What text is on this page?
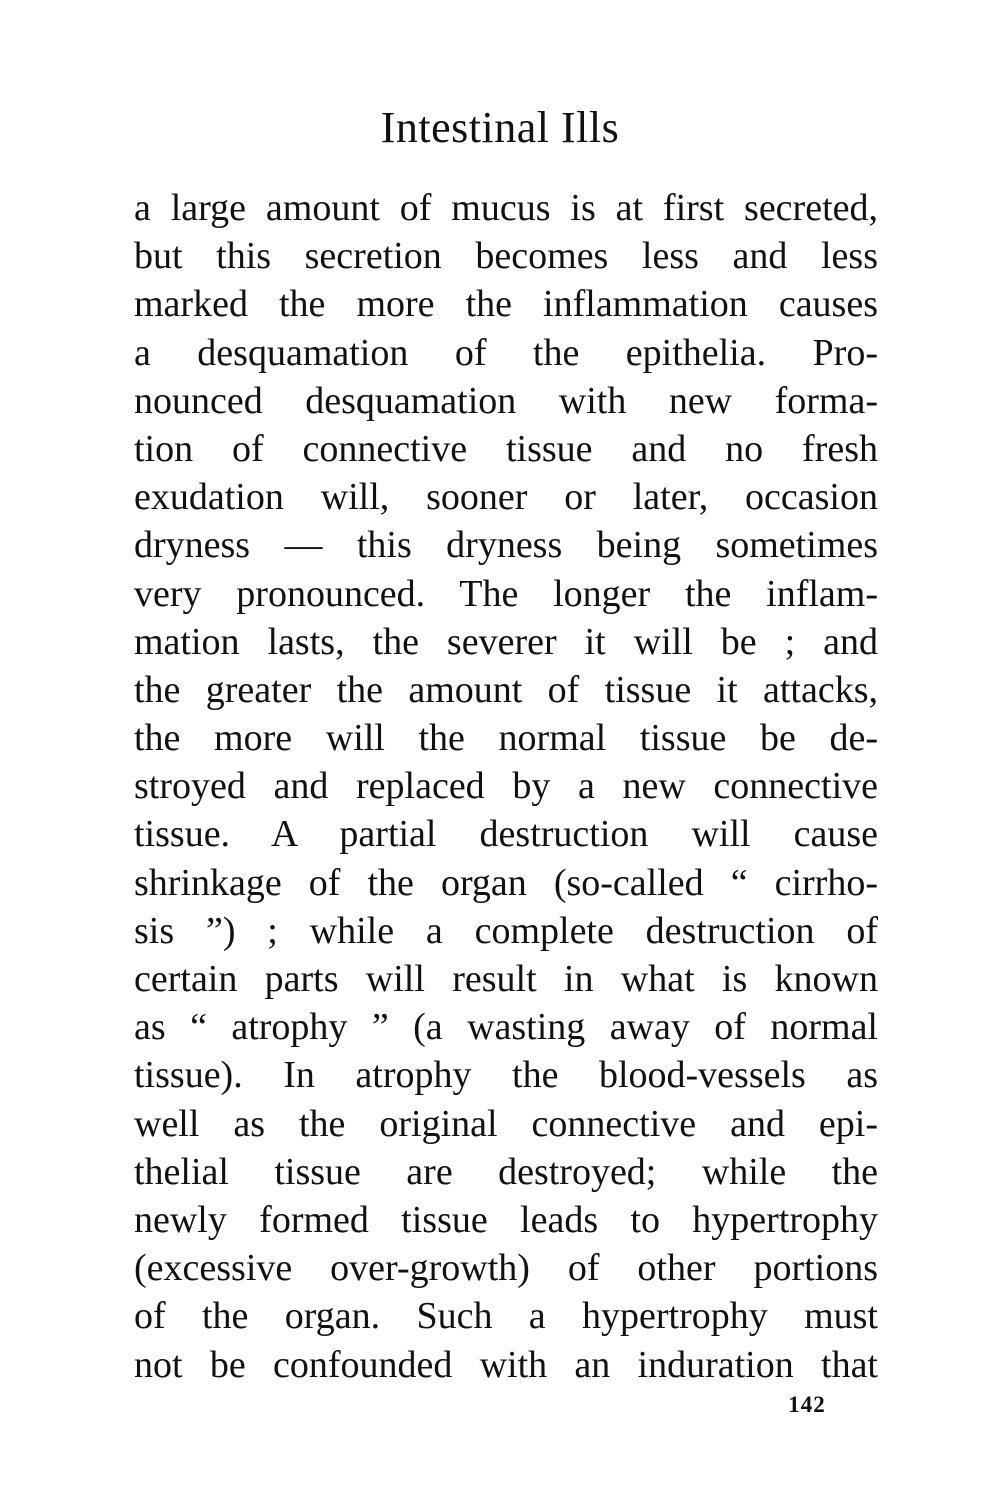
Intestinal Ills
a large amount of mucus is at first secreted,
but this secretion becomes less and less
marked the more the inflammation causes
a desquamation of the epithelia. Pro-
nounced desquamation with new forma-
tion of connective tissue and no fresh
exudation will, sooner or later, occasion
dryness — this dryness being sometimes
very pronounced. The longer the inflam-
mation lasts, the severer it will be ; and
the greater the amount of tissue it attacks,
the more will the normal tissue be de-
stroyed and replaced by a new connective
tissue. A partial destruction will cause
shrinkage of the organ (so-called “ cirrho-
sis ”) ; while a complete destruction of
certain parts will result in what is known
as “ atrophy ” (a wasting away of normal
tissue). In atrophy the blood-vessels as
well as the original connective and epi-
thelial tissue are destroyed; while the
newly formed tissue leads to hypertrophy
(excessive over-growth) of other portions
of the organ. Such a hypertrophy must
not be confounded with an induration that
142
